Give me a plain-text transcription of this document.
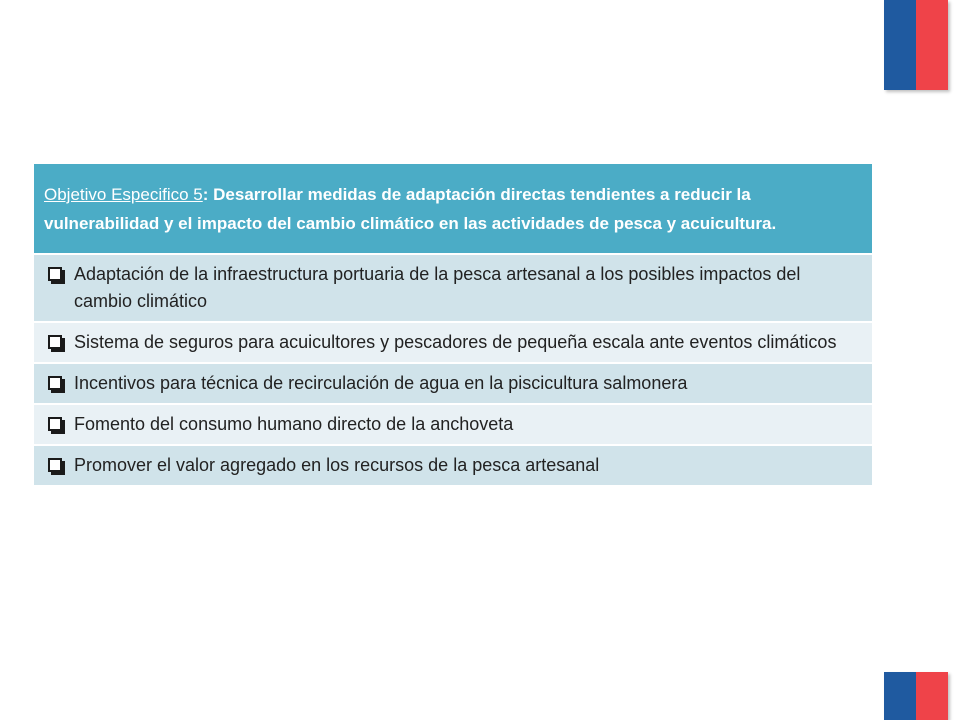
Objetivo Especifico 5: Desarrollar medidas de adaptación directas tendientes a reducir la vulnerabilidad y el impacto del cambio climático en las actividades de pesca y acuicultura.

Adaptación de la infraestructura portuaria de la pesca artesanal a los posibles impactos del cambio climático

Sistema de seguros para acuicultores y pescadores de pequeña escala ante eventos climáticos

Incentivos para técnica de recirculación de agua en la piscicultura salmonera

Fomento del consumo humano directo de la anchoveta

Promover el valor agregado en los recursos de la pesca artesanal
